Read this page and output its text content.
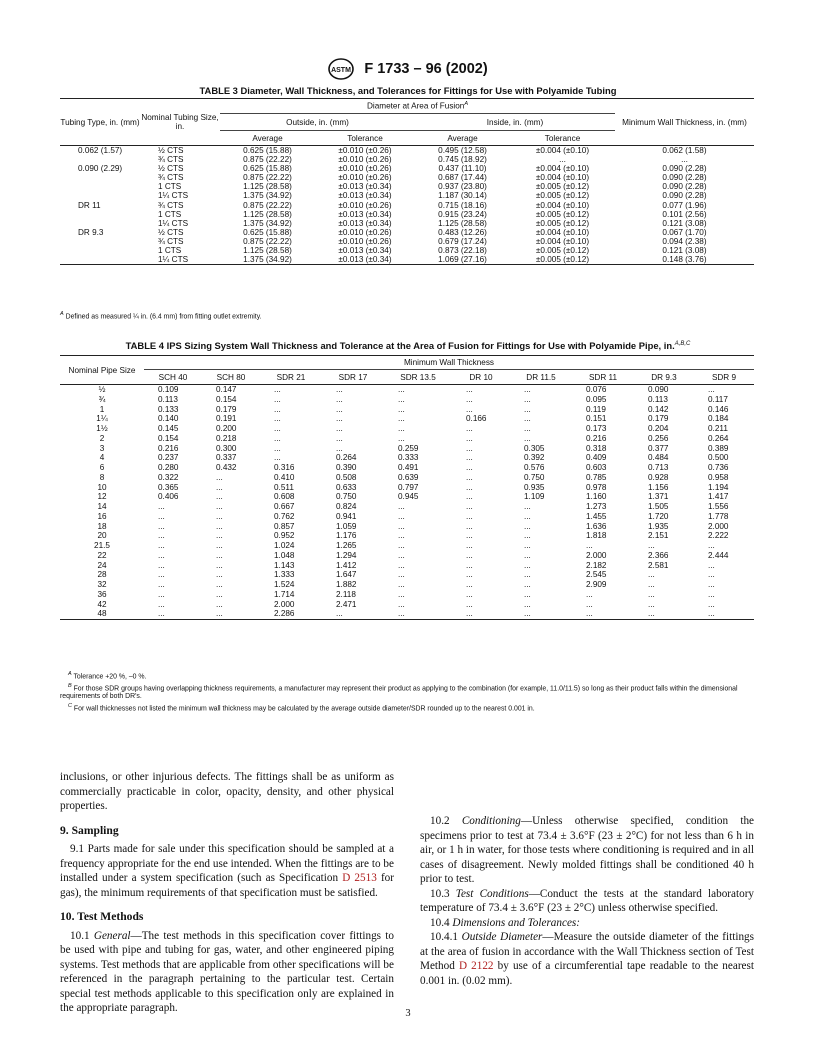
ASTM F 1733 – 96 (2002)
TABLE 3 Diameter, Wall Thickness, and Tolerances for Fittings for Use with Polyamide Tubing
Tubing Type, in. (mm)	Nominal Tubing Size, in.	Diameter at Area of Fusion$^A$				Minimum Wall Thickness, in. (mm)
		Outside, in. (mm)		Inside, in. (mm)		
		Average	Tolerance	Average	Tolerance	
0.062 (1.57)	½ CTS	0.625 (15.88)	±0.010 (±0.26)	0.495 (12.58)	±0.004 (±0.10)	0.062 (1.58)
	¾ CTS	0.875 (22.22)	±0.010 (±0.26)	0.745 (18.92)	...	...
0.090 (2.29)	½ CTS	0.625 (15.88)	±0.010 (±0.26)	0.437 (11.10)	±0.004 (±0.10)	0.090 (2.28)
	¾ CTS	0.875 (22.22)	±0.010 (±0.26)	0.687 (17.44)	±0.004 (±0.10)	0.090 (2.28)
	1 CTS	1.125 (28.58)	±0.013 (±0.34)	0.937 (23.80)	±0.005 (±0.12)	0.090 (2.28)
	1¼ CTS	1.375 (34.92)	±0.013 (±0.34)	1.187 (30.14)	±0.005 (±0.12)	0.090 (2.28)
DR 11	¾ CTS	0.875 (22.22)	±0.010 (±0.26)	0.715 (18.16)	±0.004 (±0.10)	0.077 (1.96)
	1 CTS	1.125 (28.58)	±0.013 (±0.34)	0.915 (23.24)	±0.005 (±0.12)	0.101 (2.56)
	1¼ CTS	1.375 (34.92)	±0.013 (±0.34)	1.125 (28.58)	±0.005 (±0.12)	0.121 (3.08)
DR 9.3	½ CTS	0.625 (15.88)	±0.010 (±0.26)	0.483 (12.26)	±0.004 (±0.10)	0.067 (1.70)
	¾ CTS	0.875 (22.22)	±0.010 (±0.26)	0.679 (17.24)	±0.004 (±0.10)	0.094 (2.38)
	1 CTS	1.125 (28.58)	±0.013 (±0.34)	0.873 (22.18)	±0.005 (±0.12)	0.121 (3.08)
	1¼ CTS	1.375 (34.92)	±0.013 (±0.34)	1.069 (27.16)	±0.005 (±0.12)	0.148 (3.76)
$^A$ Defined as measured ¼ in. (6.4 mm) from fitting outlet extremity.
TABLE 4 IPS Sizing System Wall Thickness and Tolerance at the Area of Fusion for Fittings for Use with Polyamide Pipe, in.$^{A,B,C}$
Nominal Pipe Size	Minimum Wall Thickness									
	SCH 40	SCH 80	SDR 21	SDR 17	SDR 13.5	DR 10	DR 11.5	SDR 11	DR 9.3	SDR 9
½	0.109	0.147	...	...	...	...	...	0.076	0.090	...
¾	0.113	0.154	...	...	...	...	...	0.095	0.113	0.117
1	0.133	0.179	...	...	...	...	...	0.119	0.142	0.146
1¼	0.140	0.191	...	...	...	0.166	...	0.151	0.179	0.184
1½	0.145	0.200	...	...	...	...	...	0.173	0.204	0.211
2	0.154	0.218	...	...	...	...	...	0.216	0.256	0.264
3	0.216	0.300	...	...	0.259	...	0.305	0.318	0.377	0.389
4	0.237	0.337	...	0.264	0.333	...	0.392	0.409	0.484	0.500
6	0.280	0.432	0.316	0.390	0.491	...	0.576	0.603	0.713	0.736
8	0.322	...	0.410	0.508	0.639	...	0.750	0.785	0.928	0.958
10	0.365	...	0.511	0.633	0.797	...	0.935	0.978	1.156	1.194
12	0.406	...	0.608	0.750	0.945	...	1.109	1.160	1.371	1.417
14	...	...	0.667	0.824	...	...	...	1.273	1.505	1.556
16	...	...	0.762	0.941	...	...	...	1.455	1.720	1.778
18	...	...	0.857	1.059	...	...	...	1.636	1.935	2.000
20	...	...	0.952	1.176	...	...	...	1.818	2.151	2.222
21.5	...	...	1.024	1.265	...	...	...	...	...	...
22	...	...	1.048	1.294	...	...	...	2.000	2.366	2.444
24	...	...	1.143	1.412	...	...	...	2.182	2.581	...
28	...	...	1.333	1.647	...	...	...	2.545	...	...
32	...	...	1.524	1.882	...	...	...	2.909	...	...
36	...	...	1.714	2.118	...	...	...	...	...	...
42	...	...	2.000	2.471	...	...	...	...	...	...
48	...	...	2.286	...	...	...	...	...	...	...
$^A$ Tolerance +20 %, –0 %.
$^B$ For those SDR groups having overlapping thickness requirements, a manufacturer may represent their product as applying to the combination (for example, 11.0/11.5) so long as their product falls within the dimensional requirements of both DR's.
$^C$ For wall thicknesses not listed the minimum wall thickness may be calculated by the average outside diameter/SDR rounded up to the nearest 0.001 in.

inclusions, or other injurious defects. The fittings shall be as uniform as commercially practicable in color, opacity, density, and other physical properties.

9. Sampling

9.1 Parts made for sale under this specification should be sampled at a frequency appropriate for the end use intended. When the fittings are to be installed under a system specification (such as Specification D 2513 for gas), the minimum requirements of that specification must be satisfied.

10. Test Methods

10.1 General—The test methods in this specification cover fittings to be used with pipe and tubing for gas, water, and other engineered piping systems. Test methods that are applicable from other specifications will be referenced in the paragraph pertaining to the particular test. Certain special test methods applicable to this specification only are explained in the appropriate paragraph.

10.2 Conditioning—Unless otherwise specified, condition the specimens prior to test at 73.4 ± 3.6°F (23 ± 2°C) for not less than 6 h in air, or 1 h in water, for those tests where conditioning is required and in all cases of disagreement. Newly molded fittings shall be conditioned 40 h prior to test.

10.3 Test Conditions—Conduct the tests at the standard laboratory temperature of 73.4 ± 3.6°F (23 ± 2°C) unless otherwise specified.

10.4 Dimensions and Tolerances:

10.4.1 Outside Diameter—Measure the outside diameter of the fittings at the area of fusion in accordance with the Wall Thickness section of Test Method D 2122 by use of a circumferential tape readable to the nearest 0.001 in. (0.02 mm).

3
